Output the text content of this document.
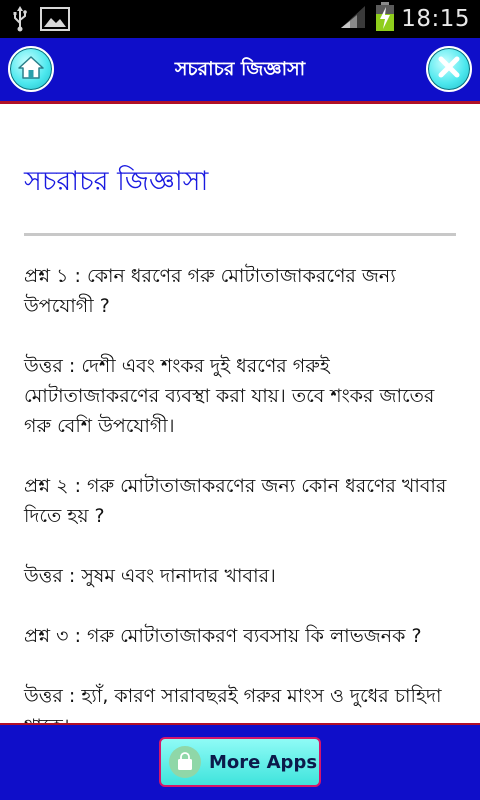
18:15
সচরাচর জিজ্ঞাসা
সচরাচর জিজ্ঞাসা
প্রশ্ন ১ : কোন ধরণের গরু মোটাতাজাকরণের জন্য উপযোগী ?
উত্তর : দেশী এবং শংকর দুই ধরণের গরুই মোটাতাজাকরণের ব্যবস্থা করা যায়। তবে শংকর জাতের গরু বেশি উপযোগী।
প্রশ্ন ২ : গরু মোটাতাজাকরণের জন্য কোন ধরণের খাবার দিতে হয় ?
উত্তর : সুষম এবং দানাদার খাবার।
প্রশ্ন ৩ : গরু মোটাতাজাকরণ ব্যবসায় কি লাভজনক ?
উত্তর : হ্যাঁ, কারণ সারাবছরই গরুর মাংস ও দুধের চাহিদা
More Apps
